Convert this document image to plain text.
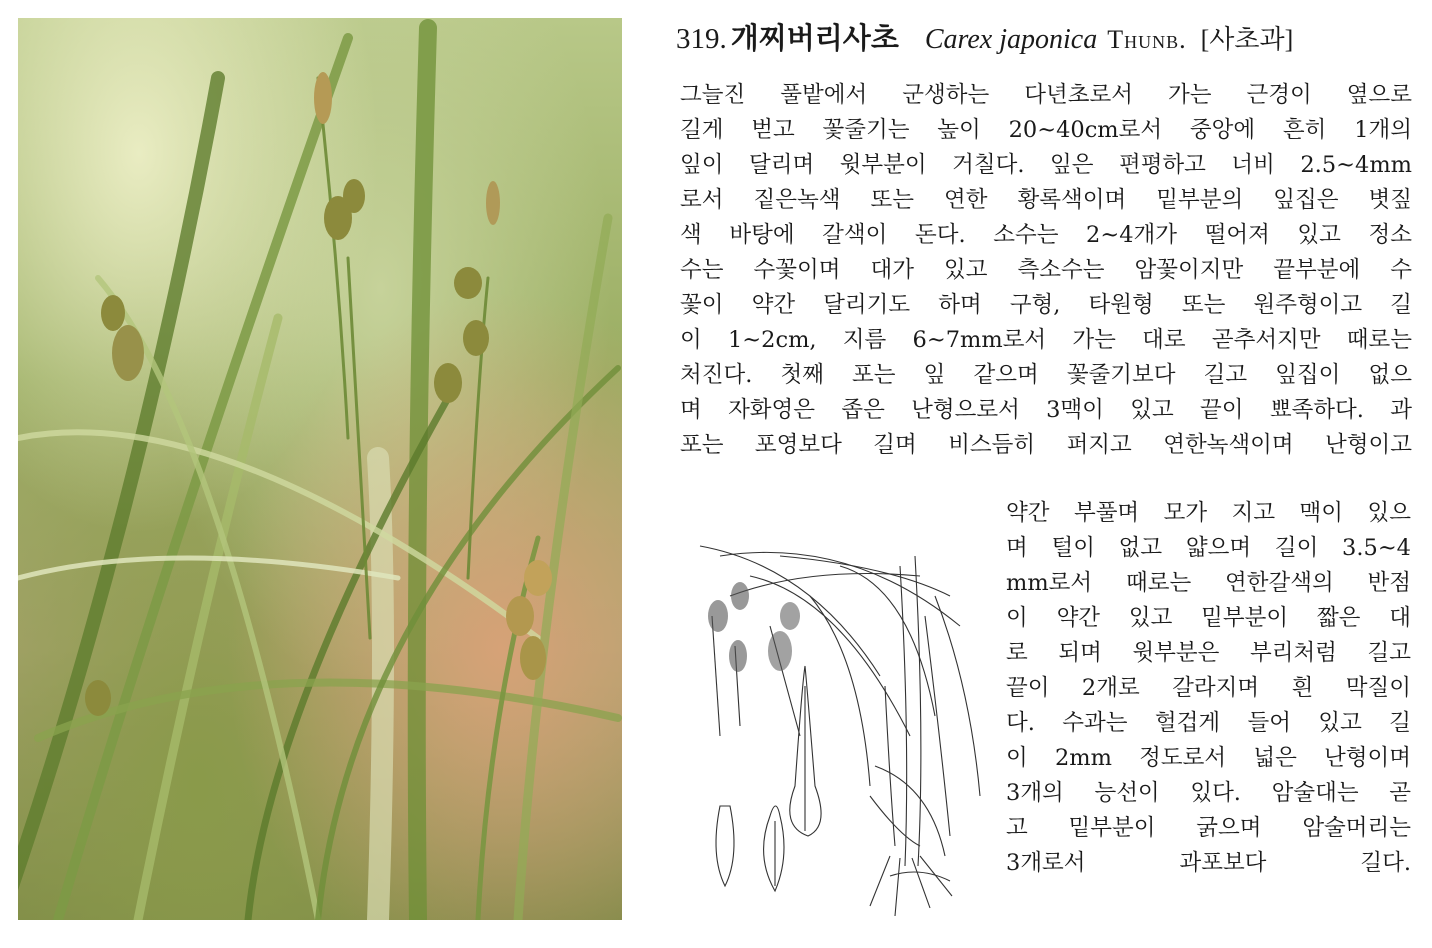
319. 개찌버리사초 Carex japonica Thunb. [사초과]
그늘진 풀밭에서 군생하는 다년초로서 가는 근경이 옆으로
길게 벋고 꽃줄기는 높이 20~40cm로서 중앙에 흔히 1개의
잎이 달리며 윗부분이 거칠다. 잎은 편평하고 너비 2.5~4mm
로서 짙은녹색 또는 연한 황록색이며 밑부분의 잎집은 볏짚
색 바탕에 갈색이 돈다. 소수는 2~4개가 떨어져 있고 정소
수는 수꽃이며 대가 있고 측소수는 암꽃이지만 끝부분에 수
꽃이 약간 달리기도 하며 구형, 타원형 또는 원주형이고 길
이 1~2cm, 지름 6~7mm로서 가는 대로 곧추서지만 때로는
처진다. 첫째 포는 잎 같으며 꽃줄기보다 길고 잎집이 없으
며 자화영은 좁은 난형으로서 3맥이 있고 끝이 뾰족하다. 과
포는 포영보다 길며 비스듬히 퍼지고 연한녹색이며 난형이고
약간 부풀며 모가 지고 맥이 있으
며 털이 없고 얇으며 길이 3.5~4
mm로서 때로는 연한갈색의 반점
이 약간 있고 밑부분이 짧은 대
로 되며 윗부분은 부리처럼 길고
끝이 2개로 갈라지며 흰 막질이
다. 수과는 헐겁게 들어 있고 길
이 2mm 정도로서 넓은 난형이며
3개의 능선이 있다. 암술대는 곧
고 밑부분이 굵으며 암술머리는
3개로서 과포보다 길다.
